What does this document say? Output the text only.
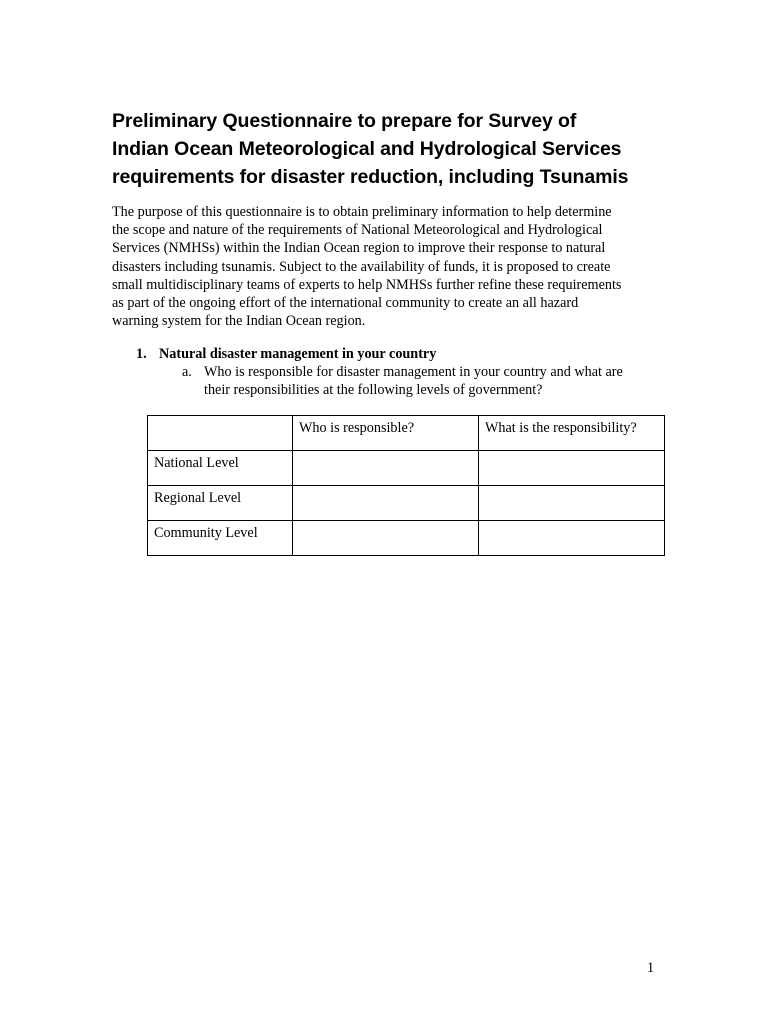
Preliminary Questionnaire to prepare for Survey of
Indian Ocean Meteorological and Hydrological Services
requirements for disaster reduction, including Tsunamis

The purpose of this questionnaire is to obtain preliminary information to help determine
the scope and nature of the requirements of National Meteorological and Hydrological
Services (NMHSs) within the Indian Ocean region to improve their response to natural
disasters including tsunamis. Subject to the availability of funds, it is proposed to create
small multidisciplinary teams of experts to help NMHSs further refine these requirements
as part of the ongoing effort of the international community to create an all hazard
warning system for the Indian Ocean region.

1. Natural disaster management in your country
a. Who is responsible for disaster management in your country and what are
their responsibilities at the following levels of government?

	Who is responsible?	What is the responsibility?

National Level		

Regional Level		

Community Level		

1
